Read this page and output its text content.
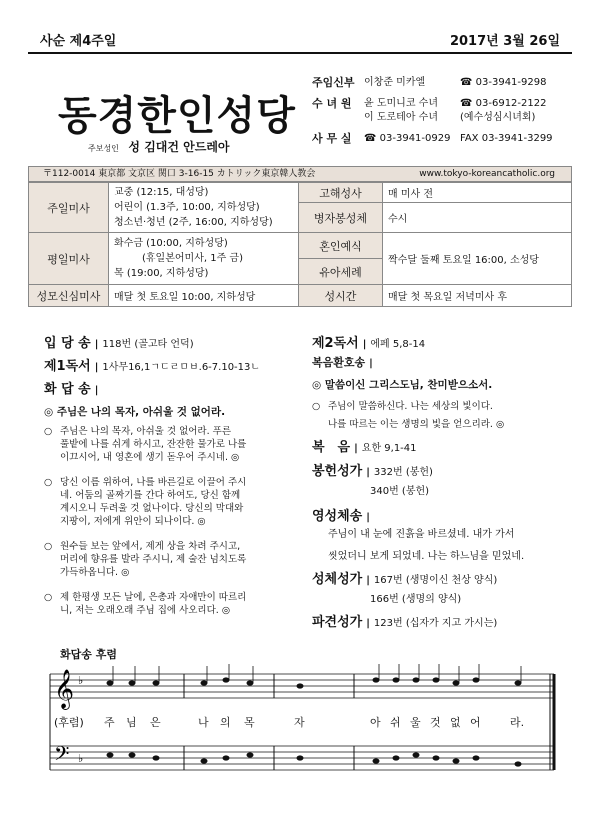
사순 제4주일	2017년 3월 26일
동경한인성당
주보성인 성 김대건 안드레아
주임신부 이창준 미카엘	☎ 03-3941-9298
수 녀 원	윤 도미니코 수녀	☎ 03-6912-2122
이 도로테아 수녀	(예수성심시녀회)
사 무 실	☎ 03-3941-0929 FAX 03-3941-3299
〒112-0014 東京都 文京区 関口 3-16-15 カトリック東京韓人教会	www.tokyo-koreancatholic.org
주일미사	교중 (12:15, 대성당)
어린이 (1.3주, 10:00, 지하성당)
청소년·청년 (2주, 16:00, 지하성당)	고해성사	매 미사 전
		병자봉성체	수시

평일미사	화수금 (10:00, 지하성당)
(휴일본어미사, 1주 금)
목 (19:00, 지하성당)	혼인예식	짝수달 둘째 토요일 16:00, 소성당
		유아세례	
성모신심미사	매달 첫 토요일 10:00, 지하성당	성시간	매달 첫 목요일 저녁미사 후
입 당 송 | 118번 (골고타 언덕)
제1독서 | 1사무16,1ㄱㄷㄹㅁㅂ.6-7.10-13ㄴ
화 답 송 |
◎ 주님은 나의 목자, 아쉬울 것 없어라.
○ 주님은 나의 목자, 아쉬울 것 없어라. 푸른
풀밭에 나를 쉬게 하시고, 잔잔한 물가로 나를
이끄시어, 내 영혼에 생기 돋우어 주시네. ◎
○ 당신 이름 위하여, 나를 바른길로 이끌어 주시
네. 어둠의 골짜기를 간다 하여도, 당신 함께
계시오니 두려울 것 없나이다. 당신의 막대와
지팡이, 저에게 위안이 되나이다. ◎
○ 원수들 보는 앞에서, 제게 상을 차려 주시고,
머리에 향유를 발라 주시니, 제 술잔 넘치도록
가득하옵니다. ◎
○ 제 한평생 모든 날에, 은총과 자애만이 따르리
니, 저는 오래오래 주님 집에 사오리다. ◎
제2독서 | 에페 5,8-14
복음환호송 |
◎ 말씀이신 그리스도님, 찬미받으소서.
○ 주님이 말씀하신다. 나는 세상의 빛이다.
나를 따르는 이는 생명의 빛을 얻으리라. ◎
복　음 | 요한 9,1-41
봉헌성가 | 332번 (봉헌)
340번 (봉헌)
영성체송 |
주님이 내 눈에 진흙을 바르셨네. 내가 가서
씻었더니 보게 되었네. 나는 하느님을 믿었네.
성체성가 | 167번 (생명이신 천상 양식)
166번 (생명의 양식)
파견성가 | 123번 (십자가 지고 가시는)
화답송 후렴
𝄞
𝄢
♭
♭
(후렴) 주 님 은	나 의 목	자	아 쉬 울 것 없 어	라.
